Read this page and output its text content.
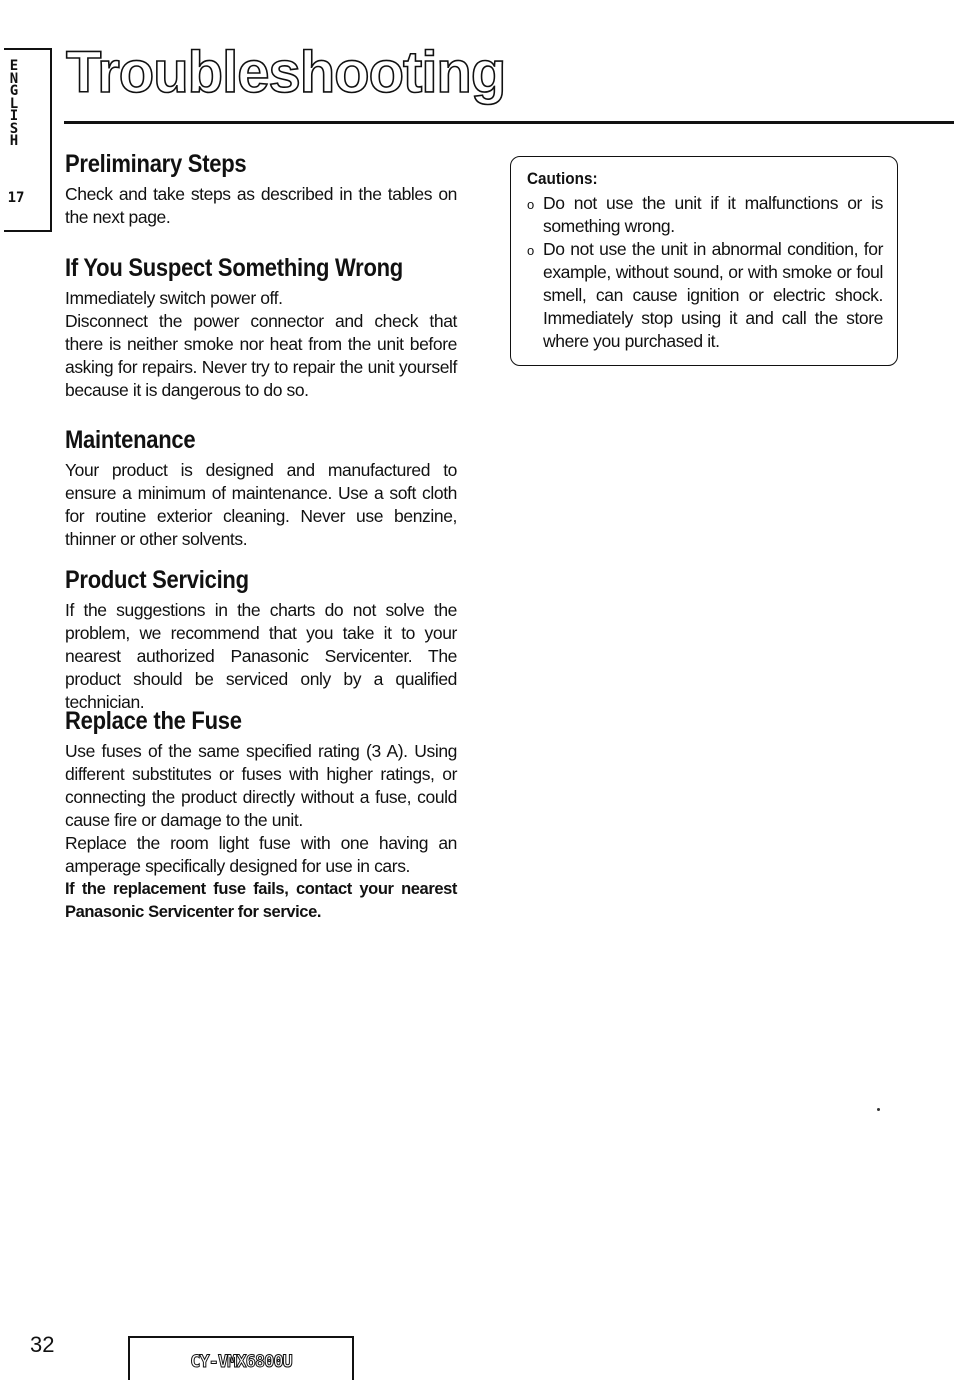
E
N
G
L
I
S
H
17
Troubleshooting
Preliminary Steps

Check and take steps as described in the tables on the next page.

If You Suspect Something Wrong

Immediately switch power off.

Disconnect the power connector and check that there is neither smoke nor heat from the unit before asking for repairs. Never try to repair the unit yourself because it is dangerous to do so.

Maintenance

Your product is designed and manufactured to ensure a minimum of maintenance. Use a soft cloth for routine exterior cleaning. Never use benzine, thinner or other solvents.

Product Servicing

If the suggestions in the charts do not solve the problem, we recommend that you take it to your nearest authorized Panasonic Servicenter. The product should be serviced only by a qualified technician.

Replace the Fuse

Use fuses of the same specified rating (3 A). Using different substitutes or fuses with higher ratings, or connecting the product directly without a fuse, could cause fire or damage to the unit.

Replace the room light fuse with one having an amperage specifically designed for use in cars.

If the replacement fuse fails, contact your nearest Panasonic Servicenter for service.

Cautions:
o Do not use the unit if it malfunctions or is something wrong.
o Do not use the unit in abnormal condition, for example, without sound, or with smoke or foul smell, can cause ignition or electric shock. Immediately stop using it and call the store where you purchased it.
32
CY-VMX6800U
